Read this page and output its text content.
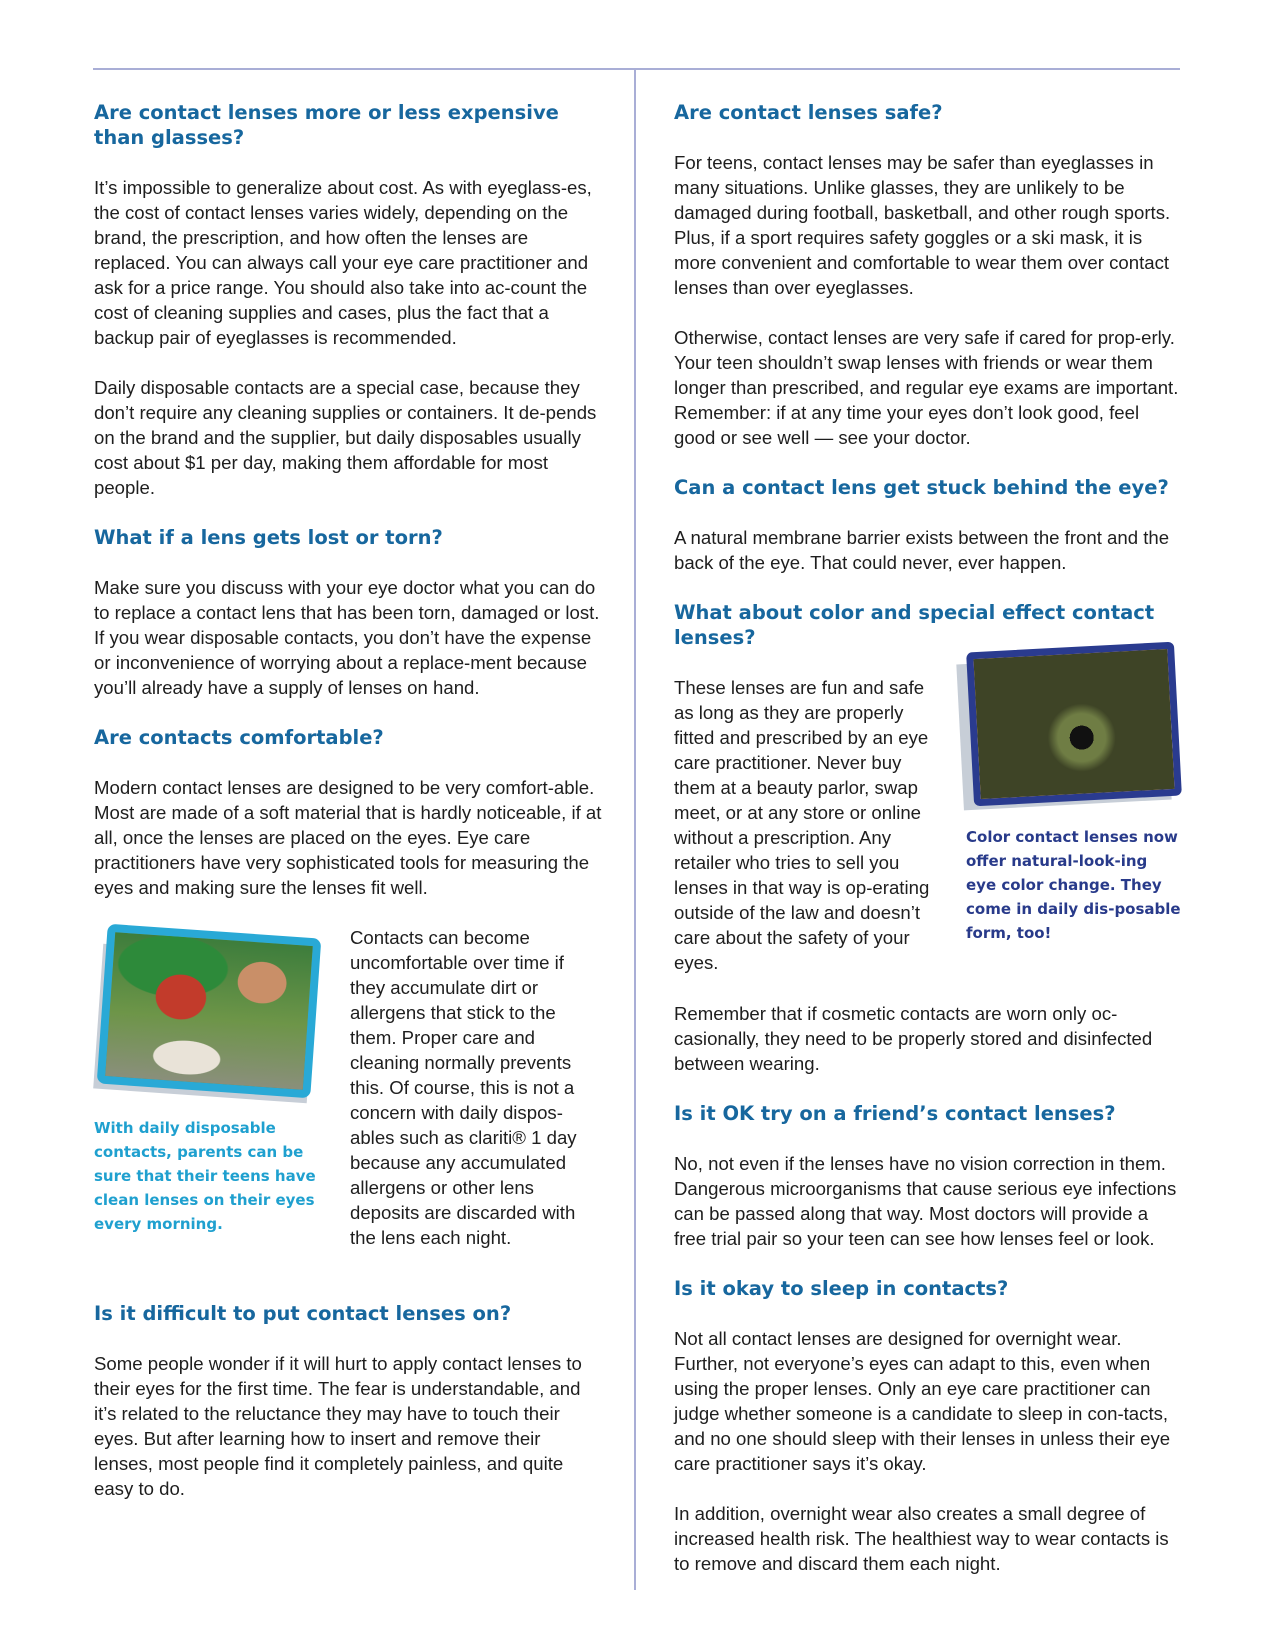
Are contact lenses more or less expensive than glasses?

It’s impossible to generalize about cost. As with eyeglass-es, the cost of contact lenses varies widely, depending on the brand, the prescription, and how often the lenses are replaced. You can always call your eye care practitioner and ask for a price range. You should also take into ac-count the cost of cleaning supplies and cases, plus the fact that a backup pair of eyeglasses is recommended.

Daily disposable contacts are a special case, because they don’t require any cleaning supplies or containers. It de-pends on the brand and the supplier, but daily disposables usually cost about $1 per day, making them affordable for most people.

What if a lens gets lost or torn?

Make sure you discuss with your eye doctor what you can do to replace a contact lens that has been torn, damaged or lost. If you wear disposable contacts, you don’t have the expense or inconvenience of worrying about a replace-ment because you’ll already have a supply of lenses on hand.

Are contacts comfortable?

Modern contact lenses are designed to be very comfort-able. Most are made of a soft material that is hardly noticeable, if at all, once the lenses are placed on the eyes. Eye care practitioners have very sophisticated tools for measuring the eyes and making sure the lenses fit well.

With daily disposable contacts, parents can be sure that their teens have clean lenses on their eyes every morning.

Contacts can become uncomfortable over time if they accumulate dirt or allergens that stick to the them. Proper care and cleaning normally prevents this. Of course, this is not a concern with daily dispos-ables such as clariti® 1 day because any accumulated allergens or other lens deposits are discarded with the lens each night.

Is it difficult to put contact lenses on?

Some people wonder if it will hurt to apply contact lenses to their eyes for the first time. The fear is understandable, and it’s related to the reluctance they may have to touch their eyes. But after learning how to insert and remove their lenses, most people find it completely painless, and quite easy to do.

Are contact lenses safe?

For teens, contact lenses may be safer than eyeglasses in many situations. Unlike glasses, they are unlikely to be damaged during football, basketball, and other rough sports. Plus, if a sport requires safety goggles or a ski mask, it is more convenient and comfortable to wear them over contact lenses than over eyeglasses.

Otherwise, contact lenses are very safe if cared for prop-erly. Your teen shouldn’t swap lenses with friends or wear them longer than prescribed, and regular eye exams are important. Remember: if at any time your eyes don’t look good, feel good or see well — see your doctor.

Can a contact lens get stuck behind the eye?

A natural membrane barrier exists between the front and the back of the eye. That could never, ever happen.

What about color and special effect contact lenses?

These lenses are fun and safe as long as they are properly fitted and prescribed by an eye care practitioner. Never buy them at a beauty parlor, swap meet, or at any store or online without a prescription. Any retailer who tries to sell you lenses in that way is op-erating outside of the law and doesn’t care about the safety of your eyes.

Color contact lenses now offer natural-look-ing eye color change. They come in daily dis-posable form, too!

Remember that if cosmetic contacts are worn only oc-casionally, they need to be properly stored and disinfected between wearing.

Is it OK try on a friend’s contact lenses?

No, not even if the lenses have no vision correction in them. Dangerous microorganisms that cause serious eye infections can be passed along that way. Most doctors will provide a free trial pair so your teen can see how lenses feel or look.

Is it okay to sleep in contacts?

Not all contact lenses are designed for overnight wear. Further, not everyone’s eyes can adapt to this, even when using the proper lenses. Only an eye care practitioner can judge whether someone is a candidate to sleep in con-tacts, and no one should sleep with their lenses in unless their eye care practitioner says it’s okay.

In addition, overnight wear also creates a small degree of increased health risk. The healthiest way to wear contacts is to remove and discard them each night.
